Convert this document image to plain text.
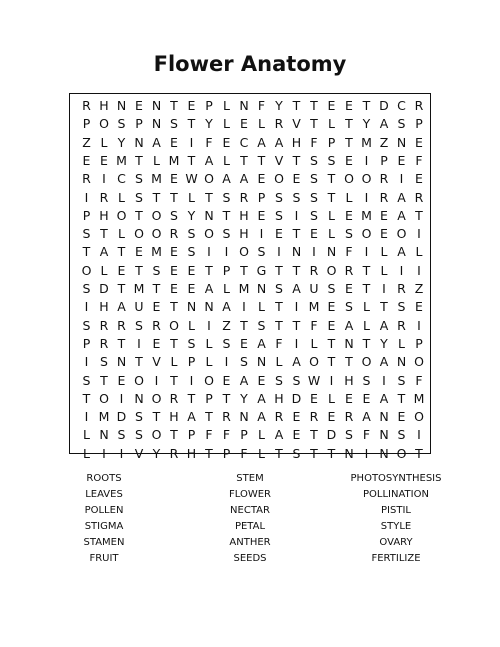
Flower Anatomy
R H N E N T E P L N F Y T T E E T D C R
P O S P N S T Y L E L R V T L T Y A S P
Z L Y N A E I F E C A A H F P T M Z N E
E E M T L M T A L T T V T S S E I P E F
R I C S M E W O A A E O E S T O O R I E
I R L S T T L T S R P S S S T L I R A R
P H O T O S Y N T H E S I S L E M E A T
S T L O O R S O S H I E T E L S O E O I
T A T E M E S I	I O S I N I N F I L A L
O L E T S E E T P T G T T R O R T L I	I
S D T M T E E A L M N S A U S E T I R Z
I H A U E T N N A I L T I M E S L T S E
S R R S R O L I Z T S T T F E A L A R I
P R T I E T S L S E A F I L T N T Y L P
I S N T V L P L I S N L A O T T O A N O
S T E O I T I O E A E S S W I H S I S F
T O I N O R T P T Y A H D E L E E A T M
I M D S T H A T R N A R E R E R A N E O
L N S S O T P F F P L A E T D S F N S I
L I	I V Y R H T P F L T S T T N I N O T
ROOTS
LEAVES
POLLEN
STIGMA
STAMEN
FRUIT
STEM
FLOWER
NECTAR
PETAL
ANTHER
SEEDS
PHOTOSYNTHESIS
POLLINATION
PISTIL
STYLE
OVARY
FERTILIZE
